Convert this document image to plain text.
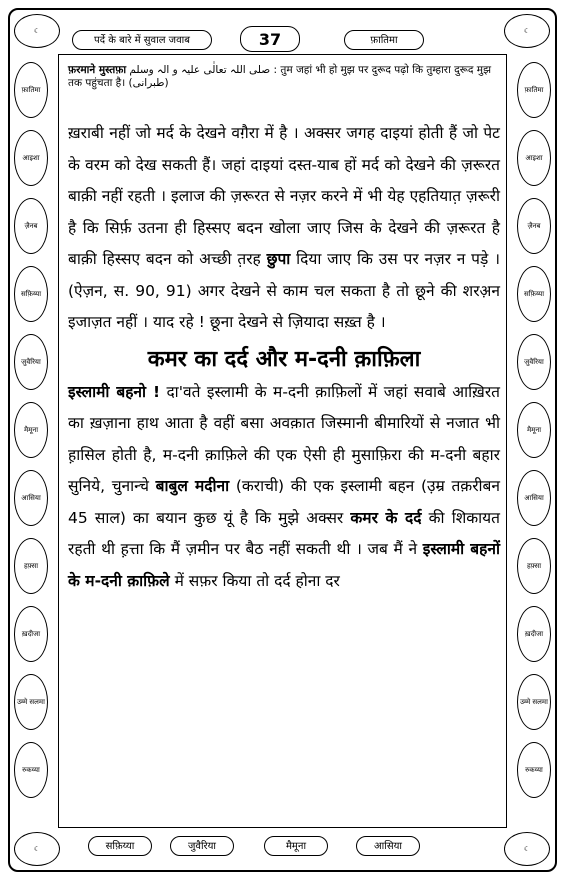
पर्दे के बारे में सुवाल जवाब	37	फ़ातिमा
☾	☾
☾	☾
फ़ातिमा
आइशा
ज़ैनब
सफ़िय्या
जुवैरिया
मैमूना
आसिया
हफ़्सा
ख़दीजा
उम्मे सलमा
रुकय्या
फ़ातिमा
आइशा
ज़ैनब
सफ़िय्या
जुवैरिया
मैमूना
आसिया
हफ़्सा
ख़दीजा
उम्मे सलमा
रुकय्या
सफ़िय्या	जुवैरिया	मैमूना	आसिया
फ़रमाने मुस्तफ़ा صلی اللہ تعالٰی علیہ و الہ وسلم : तुम जहां भी हो मुझ पर दुरूद पढ़ो कि तुम्हारा दुरूद मुझ तक पहुंचता है। (طبرانی)

ख़राबी नहीं जो मर्द के देखने वग़ैरा में है । अक्सर जगह दाइयां होती हैं जो पेट के वरम को देख सकती हैं। जहां दाइयां दस्त-याब हों मर्द को देखने की ज़रूरत बाक़ी नहीं रहती । इलाज की ज़रूरत से नज़र करने में भी येह एहतियात़ ज़रूरी है कि सिर्फ़ उतना ही हिस्सए बदन खोला जाए जिस के देखने की ज़रूरत है बाक़ी हिस्सए बदन को अच्छी त़रह छुपा दिया जाए कि उस पर नज़र न पड़े । (ऐज़न, स. 90, 91) अगर देखने से काम चल सकता है तो छूने की शरअ़न इजाज़त नहीं । याद रहे ! छूना देखने से ज़ियादा सख़्त है ।

कमर का दर्द और म-दनी क़ाफ़िला

इस्लामी बहनो ! दा'वते इस्लामी के म-दनी क़ाफ़िलों में जहां सवाबे आख़िरत का ख़ज़ाना हाथ आता है वहीं बसा अवक़ात जिस्मानी बीमारियों से नजात भी ह़ासिल होती है, म-दनी क़ाफ़िले की एक ऐसी ही मुसाफ़िरा की म-दनी बहार सुनिये, चुनान्चे बाबुल मदीना (कराची) की एक इस्लामी बहन (उ़म्र तक़रीबन 45 साल) का बयान कुछ यूं है कि मुझे अक्सर कमर के दर्द की शिकायत रहती थी ह़त्ता कि मैं ज़मीन पर बैठ नहीं सकती थी । जब मैं ने इस्लामी बहनों के म-दनी क़ाफ़िले में सफ़र किया तो दर्द होना दर
